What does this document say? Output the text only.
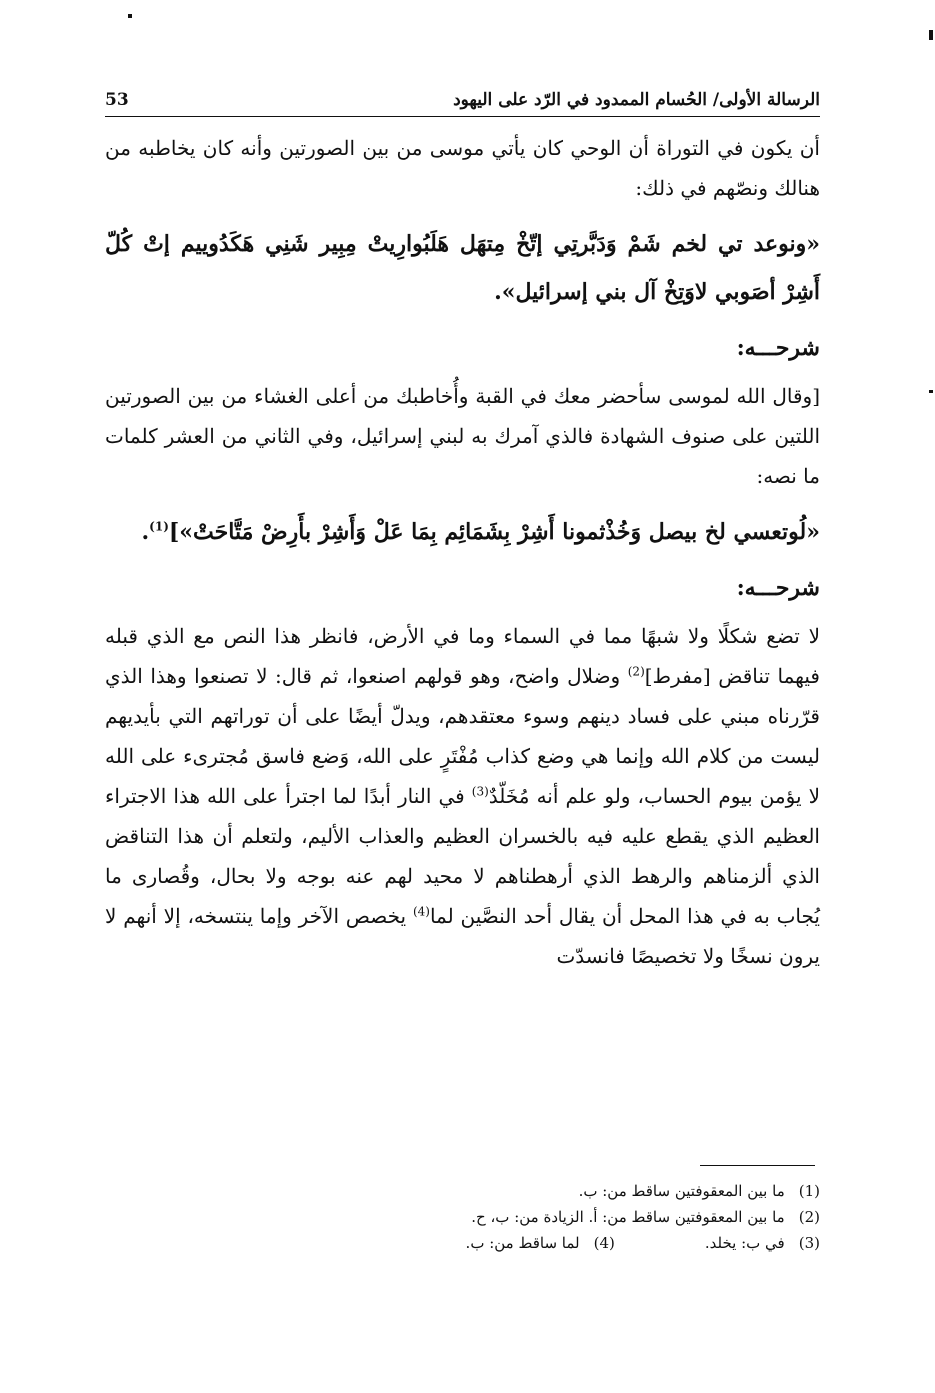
الرسالة الأولى/ الحُسام الممدود في الرّد على اليهود
53

أن يكون في التوراة أن الوحي كان يأتي موسى من بين الصورتين وأنه كان يخاطبه من هنالك ونصّهم في ذلك:

«ونوعد تي لخم شَمْ وَدَبَّرتِي إتّخْ مِتهَل هَلَبُوارِيتْ مِبِير شَنِي هَكَدُوييم إتْ كُلّ أَشِرْ أصَوبي لاوَتِخْ آل بني إسرائيل».

شرحـــه:

[وقال الله لموسى سأحضر معك في القبة وأُخاطبك من أعلى الغشاء من بين الصورتين اللتين على صنوف الشهادة فالذي آمرك به لبني إسرائيل، وفي الثاني من العشر كلمات ما نصه:

«لُوتعسي لخ بيصل وَخُذْثمونا أَشِرْ بِشَمَائِم بِمَا عَلْ وَأَشِرْ بأَرِضْ مَتَّاحَتْ»]$^{(1)}$.

شرحـــه:

لا تضع شكلًا ولا شبهًا مما في السماء وما في الأرض، فانظر هذا النص مع الذي قبله فيهما تناقض [مفرط]$^{(2)}$ وضلال واضح، وهو قولهم اصنعوا، ثم قال: لا تصنعوا وهذا الذي قرّرناه مبني على فساد دينهم وسوء معتقدهم، ويدلّ أيضًا على أن توراتهم التي بأيديهم ليست من كلام الله وإنما هي وضع كذاب مُفْتَرٍ على الله، وَضع فاسق مُجترىء على الله لا يؤمن بيوم الحساب، ولو علم أنه مُخَلّدٌ$^{(3)}$ في النار أبدًا لما اجترأ على الله هذا الاجتراء العظيم الذي يقطع عليه فيه بالخسران العظيم والعذاب الأليم، ولتعلم أن هذا التناقض الذي ألزمناهم والرهط الذي أرهطناهم لا محيد لهم عنه بوجه ولا بحال، وقُصارى ما يُجاب به في هذا المحل أن يقال أحد النصَّين لما$^{(4)}$ يخصص الآخر وإما ينتسخه، إلا أنهم لا يرون نسخًا ولا تخصيصًا فانسدّت

(1)ما بين المعقوفتين ساقط من: ب.

(2)ما بين المعقوفتين ساقط من: أ. الزيادة من: ب، ح.

(3)في ب: يخلد.

(4)لما ساقط من: ب.
